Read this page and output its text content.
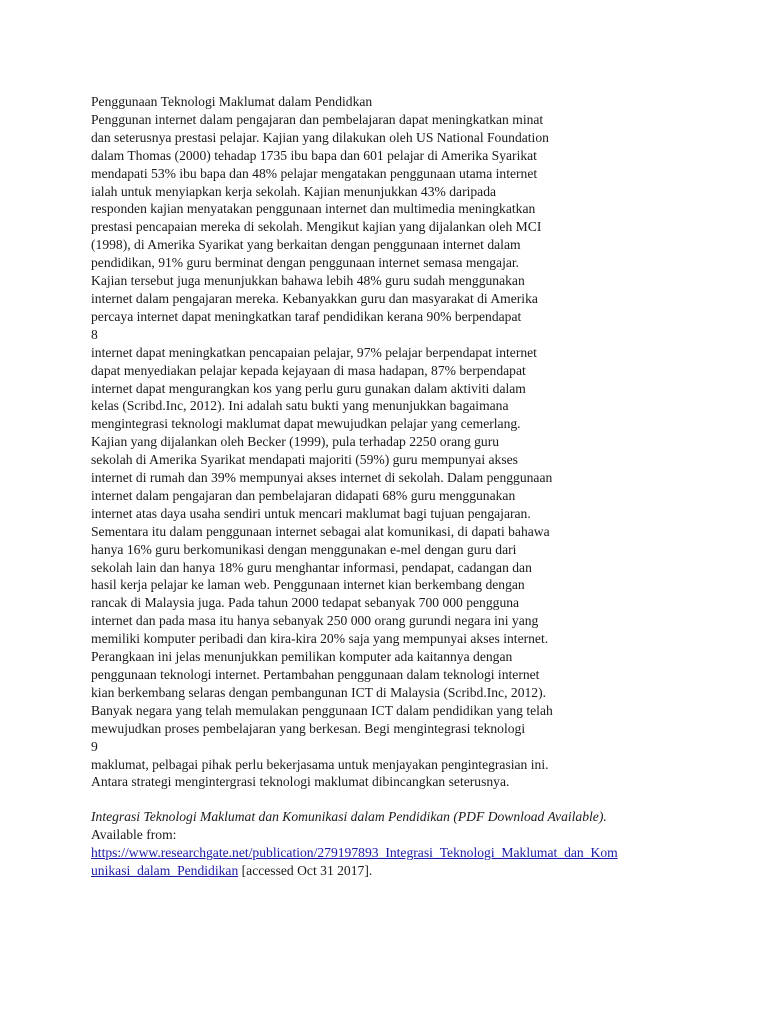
Penggunaan Teknologi Maklumat dalam Pendidkan
Penggunan internet dalam pengajaran dan pembelajaran dapat meningkatkan minat
dan seterusnya prestasi pelajar. Kajian yang dilakukan oleh US National Foundation
dalam Thomas (2000) tehadap 1735 ibu bapa dan 601 pelajar di Amerika Syarikat
mendapati 53% ibu bapa dan 48% pelajar mengatakan penggunaan utama internet
ialah untuk menyiapkan kerja sekolah. Kajian menunjukkan 43% daripada
responden kajian menyatakan penggunaan internet dan multimedia meningkatkan
prestasi pencapaian mereka di sekolah. Mengikut kajian yang dijalankan oleh MCI
(1998), di Amerika Syarikat yang berkaitan dengan penggunaan internet dalam
pendidikan, 91% guru berminat dengan penggunaan internet semasa mengajar.
Kajian tersebut juga menunjukkan bahawa lebih 48% guru sudah menggunakan
internet dalam pengajaran mereka. Kebanyakkan guru dan masyarakat di Amerika
percaya internet dapat meningkatkan taraf pendidikan kerana 90% berpendapat
8
internet dapat meningkatkan pencapaian pelajar, 97% pelajar berpendapat internet
dapat menyediakan pelajar kepada kejayaan di masa hadapan, 87% berpendapat
internet dapat mengurangkan kos yang perlu guru gunakan dalam aktiviti dalam
kelas (Scribd.Inc, 2012). Ini adalah satu bukti yang menunjukkan bagaimana
mengintegrasi teknologi maklumat dapat mewujudkan pelajar yang cemerlang.
Kajian yang dijalankan oleh Becker (1999), pula terhadap 2250 orang guru
sekolah di Amerika Syarikat mendapati majoriti (59%) guru mempunyai akses
internet di rumah dan 39% mempunyai akses internet di sekolah. Dalam penggunaan
internet dalam pengajaran dan pembelajaran didapati 68% guru menggunakan
internet atas daya usaha sendiri untuk mencari maklumat bagi tujuan pengajaran.
Sementara itu dalam penggunaan internet sebagai alat komunikasi, di dapati bahawa
hanya 16% guru berkomunikasi dengan menggunakan e-mel dengan guru dari
sekolah lain dan hanya 18% guru menghantar informasi, pendapat, cadangan dan
hasil kerja pelajar ke laman web. Penggunaan internet kian berkembang dengan
rancak di Malaysia juga. Pada tahun 2000 tedapat sebanyak 700 000 pengguna
internet dan pada masa itu hanya sebanyak 250 000 orang gurundi negara ini yang
memiliki komputer peribadi dan kira-kira 20% saja yang mempunyai akses internet.
Perangkaan ini jelas menunjukkan pemilikan komputer ada kaitannya dengan
penggunaan teknologi internet. Pertambahan penggunaan dalam teknologi internet
kian berkembang selaras dengan pembangunan ICT di Malaysia (Scribd.Inc, 2012).
Banyak negara yang telah memulakan penggunaan ICT dalam pendidikan yang telah
mewujudkan proses pembelajaran yang berkesan. Begi mengintegrasi teknologi
9
maklumat, pelbagai pihak perlu bekerjasama untuk menjayakan pengintegrasian ini.
Antara strategi mengintergrasi teknologi maklumat dibincangkan seterusnya.
Integrasi Teknologi Maklumat dan Komunikasi dalam Pendidikan (PDF Download Available).
Available from:
https://www.researchgate.net/publication/279197893_Integrasi_Teknologi_Maklumat_dan_Kom
unikasi_dalam_Pendidikan [accessed Oct 31 2017].
